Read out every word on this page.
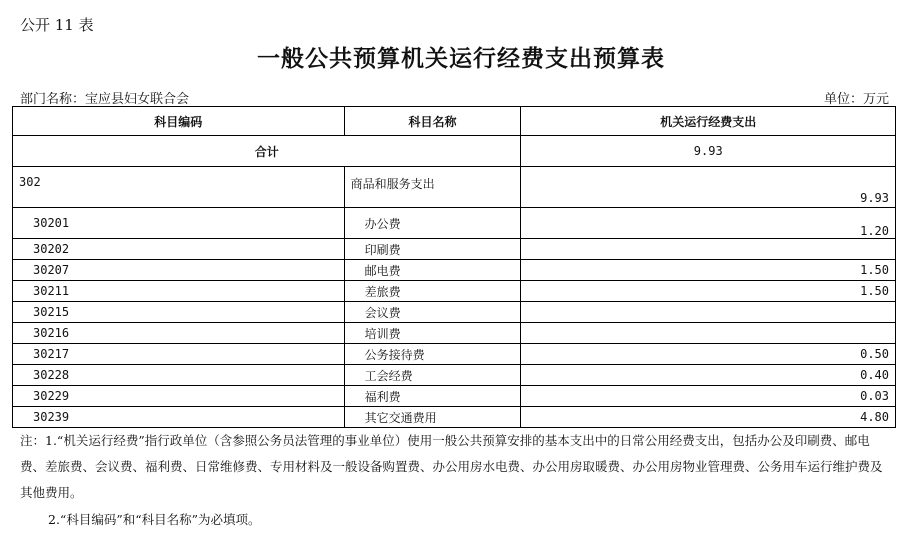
公开 11 表
一般公共预算机关运行经费支出预算表
部门名称：宝应县妇女联合会	单位：万元
科目编码	科目名称	机关运行经费支出
合计		9.93
302	商品和服务支出	9.93
30201	办公费	1.20
30202	印刷费	
30207	邮电费	1.50
30211	差旅费	1.50
30215	会议费	
30216	培训费	
30217	公务接待费	0.50
30228	工会经费	0.40
30229	福利费	0.03
30239	其它交通费用	4.80
注：1.“机关运行经费”指行政单位（含参照公务员法管理的事业单位）使用一般公共预算安排的基本支出中的日常公用经费支出，包括办公及印刷费、邮电费、差旅费、会议费、福利费、日常维修费、专用材料及一般设备购置费、办公用房水电费、办公用房取暖费、办公用房物业管理费、公务用车运行维护费及其他费用。
2.“科目编码”和“科目名称”为必填项。
